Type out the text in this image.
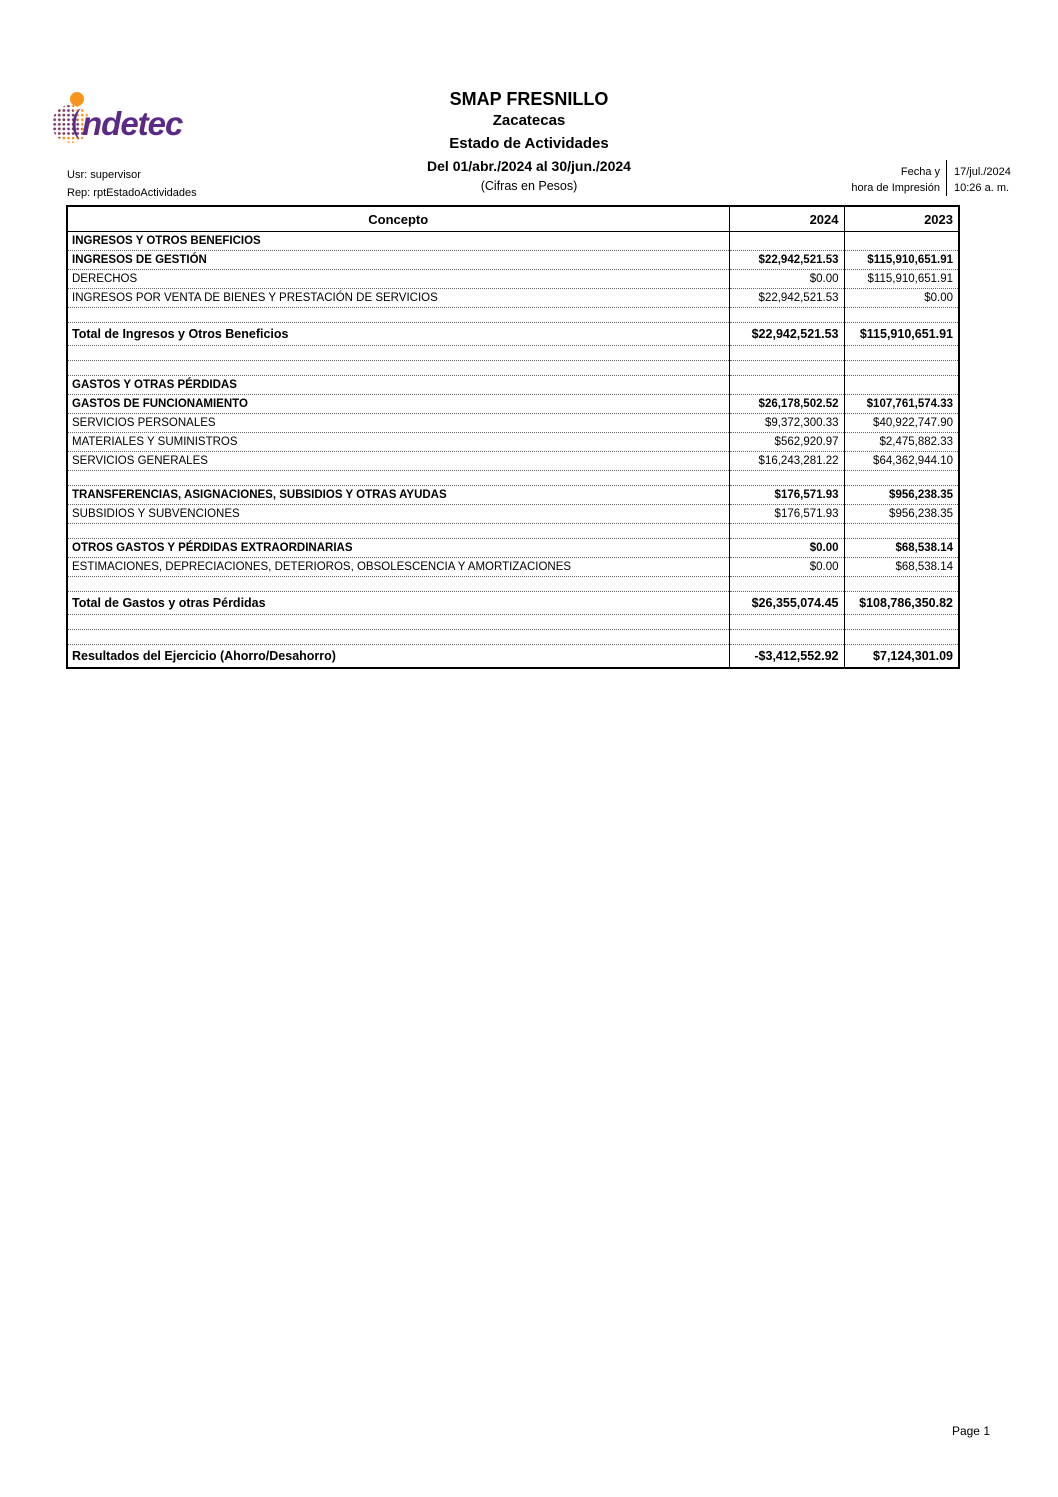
ndetec
Usr: supervisor
Rep: rptEstadoActividades
SMAP FRESNILLO
Zacatecas
Estado de Actividades
Del 01/abr./2024 al 30/jun./2024
(Cifras en Pesos)
Fecha y
hora de Impresión
17/jul./2024
10:26 a. m.
Concepto	2024	2023
INGRESOS Y OTROS BENEFICIOS		
INGRESOS DE GESTIÓN	$22,942,521.53	$115,910,651.91
DERECHOS	$0.00	$115,910,651.91
INGRESOS POR VENTA DE BIENES Y PRESTACIÓN DE SERVICIOS	$22,942,521.53	$0.00

Total de Ingresos y Otros Beneficios	$22,942,521.53	$115,910,651.91

GASTOS Y OTRAS PÉRDIDAS		
GASTOS DE FUNCIONAMIENTO	$26,178,502.52	$107,761,574.33
SERVICIOS PERSONALES	$9,372,300.33	$40,922,747.90
MATERIALES Y SUMINISTROS	$562,920.97	$2,475,882.33
SERVICIOS GENERALES	$16,243,281.22	$64,362,944.10

TRANSFERENCIAS, ASIGNACIONES, SUBSIDIOS Y OTRAS AYUDAS	$176,571.93	$956,238.35
SUBSIDIOS Y SUBVENCIONES	$176,571.93	$956,238.35

OTROS GASTOS Y PÉRDIDAS EXTRAORDINARIAS	$0.00	$68,538.14
ESTIMACIONES, DEPRECIACIONES, DETERIOROS, OBSOLESCENCIA Y AMORTIZACIONES	$0.00	$68,538.14

Total de Gastos y otras Pérdidas	$26,355,074.45	$108,786,350.82

Resultados del Ejercicio (Ahorro/Desahorro)	-$3,412,552.92	$7,124,301.09
Page 1
